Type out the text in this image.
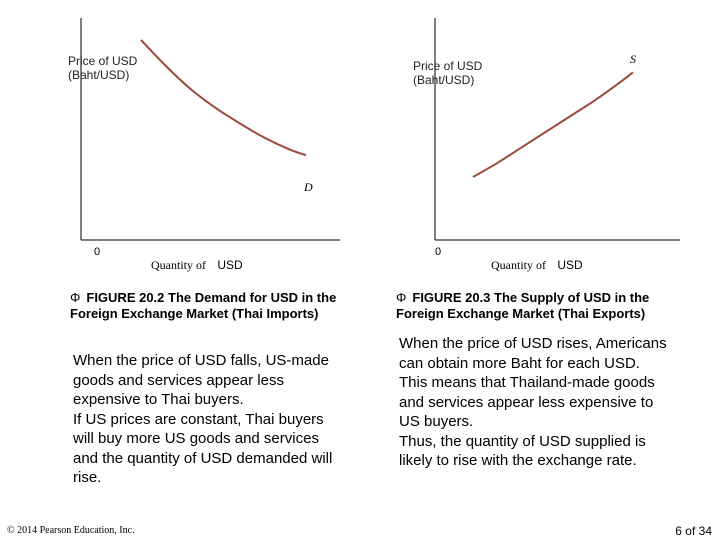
Price of USD (Baht/USD)
0
Quantity of USD
D
Price of USD (Baht/USD)
0
Quantity of USD
S
Φ FIGURE 20.2 The Demand for USD in the Foreign Exchange Market (Thai Imports)
Φ FIGURE 20.3 The Supply of USD in the Foreign Exchange Market (Thai Exports)

When the price of USD falls, US-made goods and services appear less expensive to Thai buyers.

If US prices are constant, Thai buyers will buy more US goods and services and the quantity of USD demanded will rise.

When the price of USD rises, Americans can obtain more Baht for each USD.

This means that Thailand-made goods and services appear less expensive to US buyers.

Thus, the quantity of USD supplied is likely to rise with the exchange rate.

© 2014 Pearson Education, Inc.	6 of 34
